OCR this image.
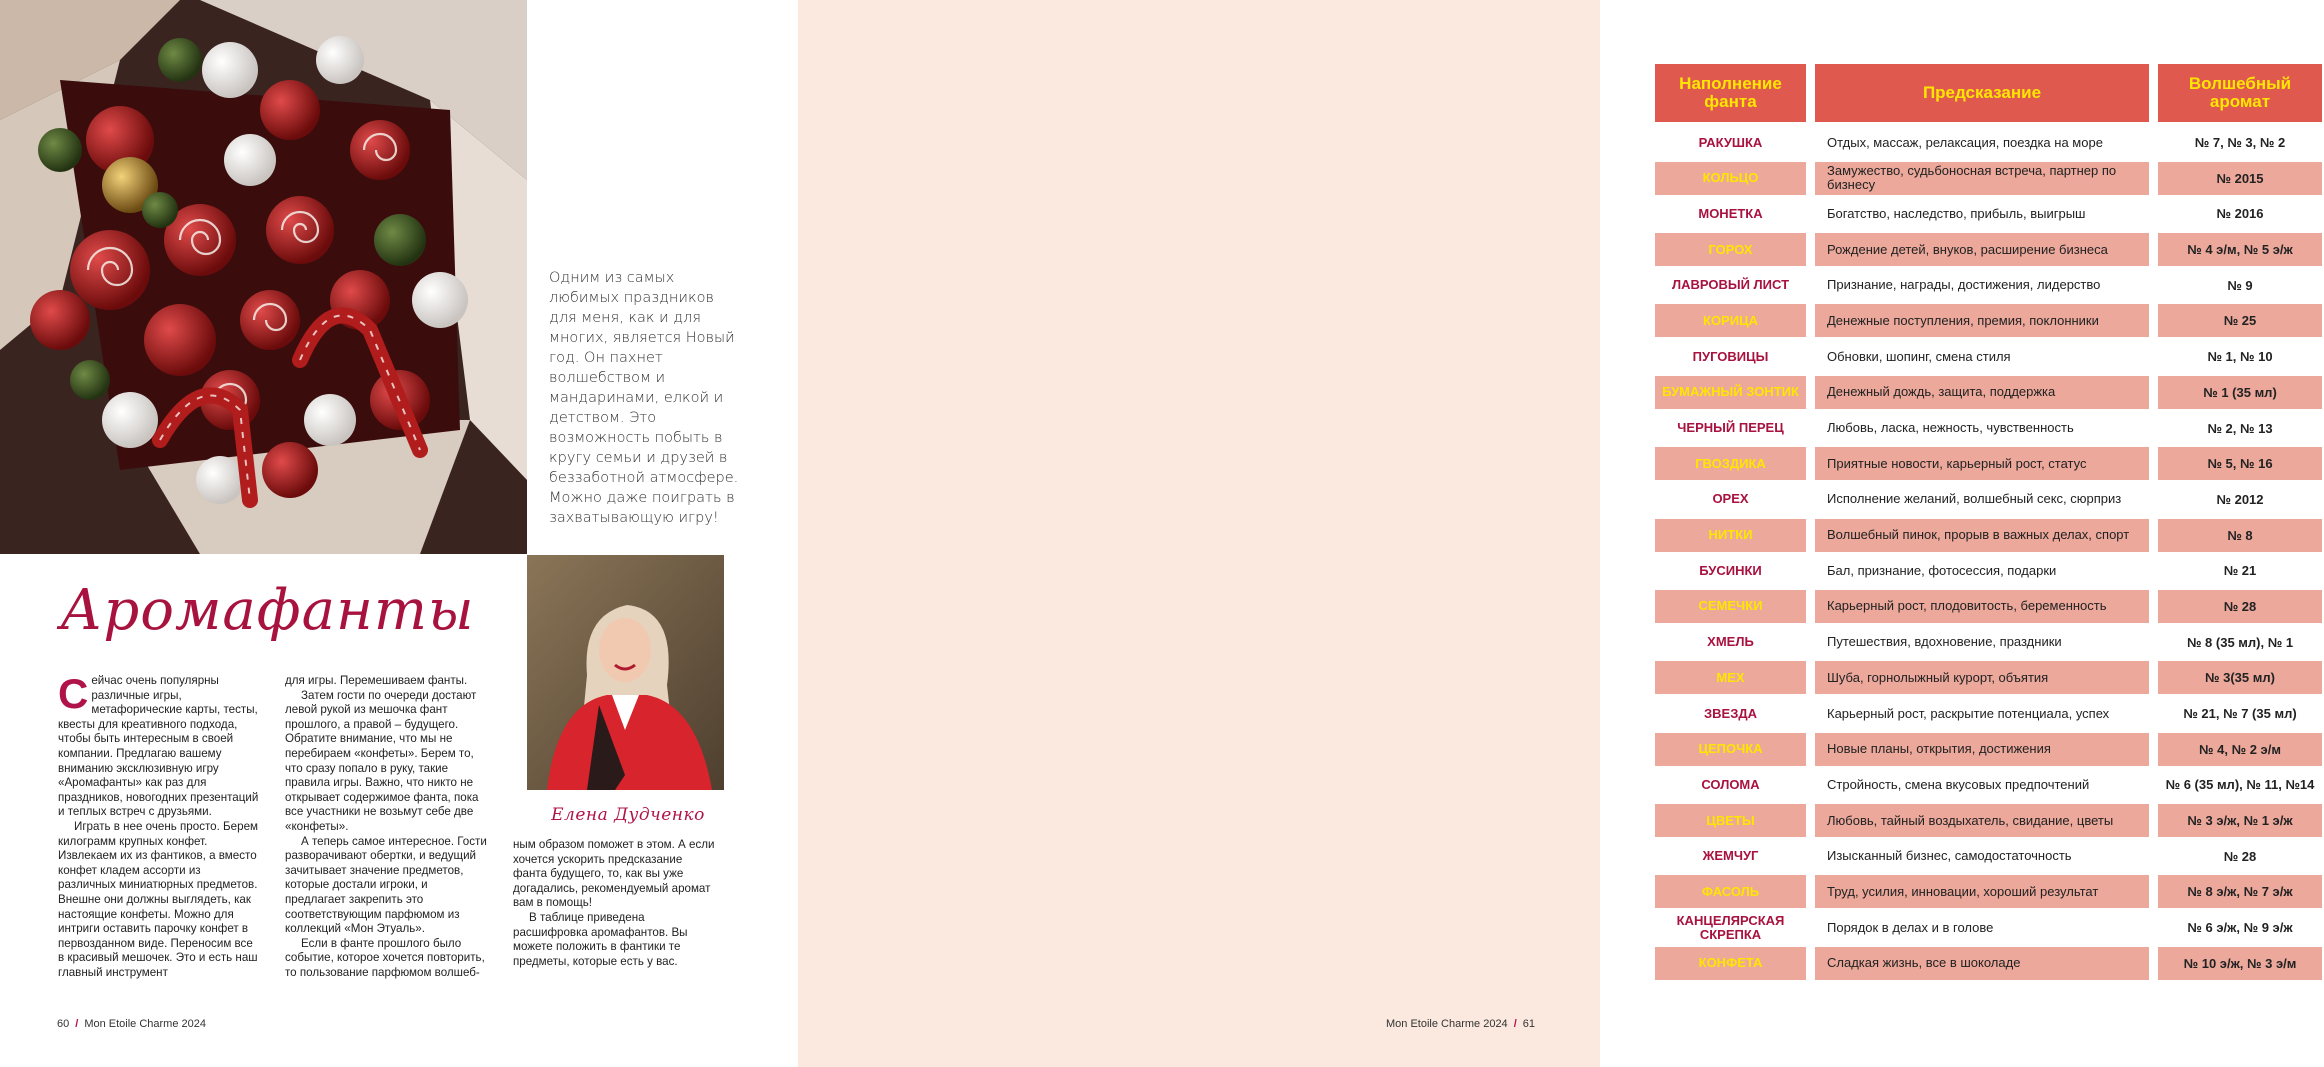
Одним из самых любимых праздников для меня, как и для многих, является Новый год. Он пахнет волшебством и мандаринами, елкой и детством. Это возможность побыть в кругу семьи и друзей в беззаботной атмосфере. Можно даже поиграть в захватывающую игру!
Елена Дудченко
Аромафанты

Сейчас очень популярны различные игры, метафорические карты, тесты, квесты для креативного подхода, чтобы быть интересным в своей компании. Предлагаю вашему вниманию эксклюзивную игру «Аромафанты» как раз для праздников, новогодних презентаций и теплых встреч с друзьями.

Играть в нее очень просто. Берем килограмм крупных конфет. Извлекаем их из фантиков, а вместо конфет кладем ассорти из различных миниатюрных предметов. Внешне они должны выглядеть, как настоящие конфеты. Можно для интриги оставить парочку конфет в первозданном виде. Переносим все в красивый мешочек. Это и есть наш главный инструмент

для игры. Перемешиваем фанты.

Затем гости по очереди достают левой рукой из мешочка фант прошлого, а правой – будущего. Обратите внимание, что мы не перебираем «конфеты». Берем то, что сразу попало в руку, такие правила игры. Важно, что никто не открывает содержимое фанта, пока все участники не возьмут себе две «конфеты».

А теперь самое интересное. Гости разворачивают обертки, и ведущий зачитывает значение предметов, которые достали игроки, и предлагает закрепить это соответствующим парфюмом из коллекций «Мон Этуаль».

Если в фанте прошлого было событие, которое хочется повторить, то пользование парфюмом волшеб-

ным образом поможет в этом. А если хочется ускорить предсказание фанта будущего, то, как вы уже догадались, рекомендуемый аромат вам в помощь!

В таблице приведена расшифровка аромафантов. Вы можете положить в фантики те предметы, которые есть у вас.

60 / Mon Etoile Charme 2024
Наполнение фанта	Предсказание	Волшебный аромат
РАКУШКА	Отдых, массаж, релаксация, поездка на море	№ 7, № 3, № 2
КОЛЬЦО	Замужество, судьбоносная встреча, партнер по бизнесу	№ 2015
МОНЕТКА	Богатство, наследство, прибыль, выигрыш	№ 2016
ГОРОХ	Рождение детей, внуков, расширение бизнеса	№ 4 э/м, № 5 э/ж
ЛАВРОВЫЙ ЛИСТ	Признание, награды, достижения, лидерство	№ 9
КОРИЦА	Денежные поступления, премия, поклонники	№ 25
ПУГОВИЦЫ	Обновки, шопинг, смена стиля	№ 1, № 10
БУМАЖНЫЙ ЗОНТИК	Денежный дождь, защита, поддержка	№ 1 (35 мл)
ЧЕРНЫЙ ПЕРЕЦ	Любовь, ласка, нежность, чувственность	№ 2, № 13
ГВОЗДИКА	Приятные новости, карьерный рост, статус	№ 5, № 16
ОРЕХ	Исполнение желаний, волшебный секс, сюрприз	№ 2012
НИТКИ	Волшебный пинок, прорыв в важных делах, спорт	№ 8
БУСИНКИ	Бал, признание, фотосессия, подарки	№ 21
СЕМЕЧКИ	Карьерный рост, плодовитость, беременность	№ 28
ХМЕЛЬ	Путешествия, вдохновение, праздники	№ 8 (35 мл), № 1
МЕХ	Шуба, горнолыжный курорт, объятия	№ 3(35 мл)
ЗВЕЗДА	Карьерный рост, раскрытие потенциала, успех	№ 21, № 7 (35 мл)
ЦЕПОЧКА	Новые планы, открытия, достижения	№ 4, № 2 э/м
СОЛОМА	Стройность, смена вкусовых предпочтений	№ 6 (35 мл), № 11, №14
ЦВЕТЫ	Любовь, тайный воздыхатель, свидание, цветы	№ 3 э/ж, № 1 э/ж
ЖЕМЧУГ	Изысканный бизнес, самодостаточность	№ 28
ФАСОЛЬ	Труд, усилия, инновации, хороший результат	№ 8 э/ж, № 7 э/ж
КАНЦЕЛЯРСКАЯ СКРЕПКА	Порядок в делах и в голове	№ 6 э/ж, № 9 э/ж
КОНФЕТА	Сладкая жизнь, все в шоколаде	№ 10 э/ж, № 3 э/м
Mon Etoile Charme 2024 / 61
